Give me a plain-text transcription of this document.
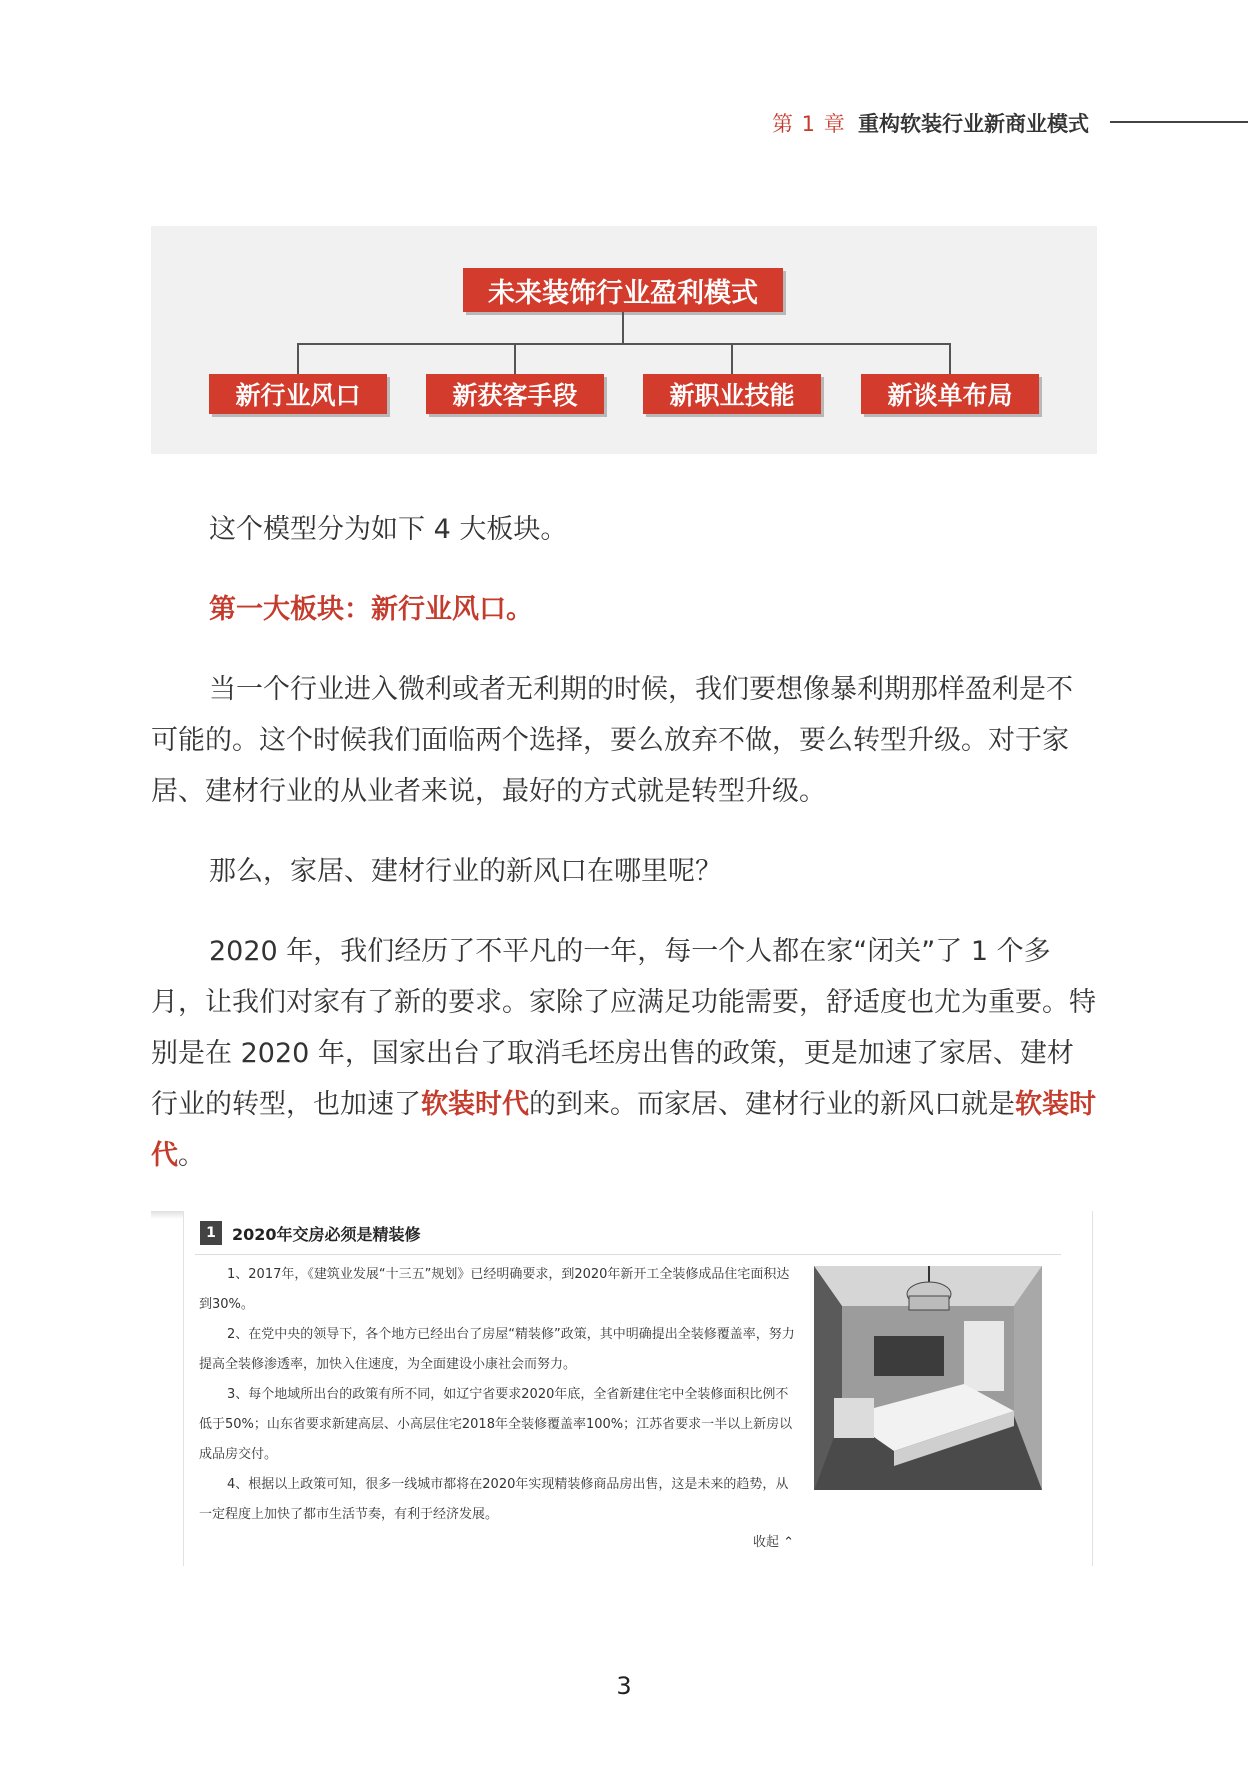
第 1 章 重构软装行业新商业模式
未来装饰行业盈利模式
新行业风口	新获客手段	新职业技能	新谈单布局

这个模型分为如下 4 大板块。

第一大板块：新行业风口。

当一个行业进入微利或者无利期的时候，我们要想像暴利期那样盈利是不可能的。这个时候我们面临两个选择，要么放弃不做，要么转型升级。对于家居、建材行业的从业者来说，最好的方式就是转型升级。

那么，家居、建材行业的新风口在哪里呢？

2020 年，我们经历了不平凡的一年，每一个人都在家“闭关”了 1 个多月，让我们对家有了新的要求。家除了应满足功能需要，舒适度也尤为重要。特别是在 2020 年，国家出台了取消毛坯房出售的政策，更是加速了家居、建材行业的转型，也加速了软装时代的到来。而家居、建材行业的新风口就是软装时代。

1	2020年交房必须是精装修

1、2017年，《建筑业发展“十三五”规划》已经明确要求，到2020年新开工全装修成品住宅面积达到30%。

2、在党中央的领导下，各个地方已经出台了房屋“精装修”政策，其中明确提出全装修覆盖率，努力提高全装修渗透率，加快入住速度，为全面建设小康社会而努力。

3、每个地域所出台的政策有所不同，如辽宁省要求2020年底，全省新建住宅中全装修面积比例不低于50%；山东省要求新建高层、小高层住宅2018年全装修覆盖率100%；江苏省要求一半以上新房以成品房交付。

4、根据以上政策可知，很多一线城市都将在2020年实现精装修商品房出售，这是未来的趋势，从一定程度上加快了都市生活节奏，有利于经济发展。

收起 ⌃
3
